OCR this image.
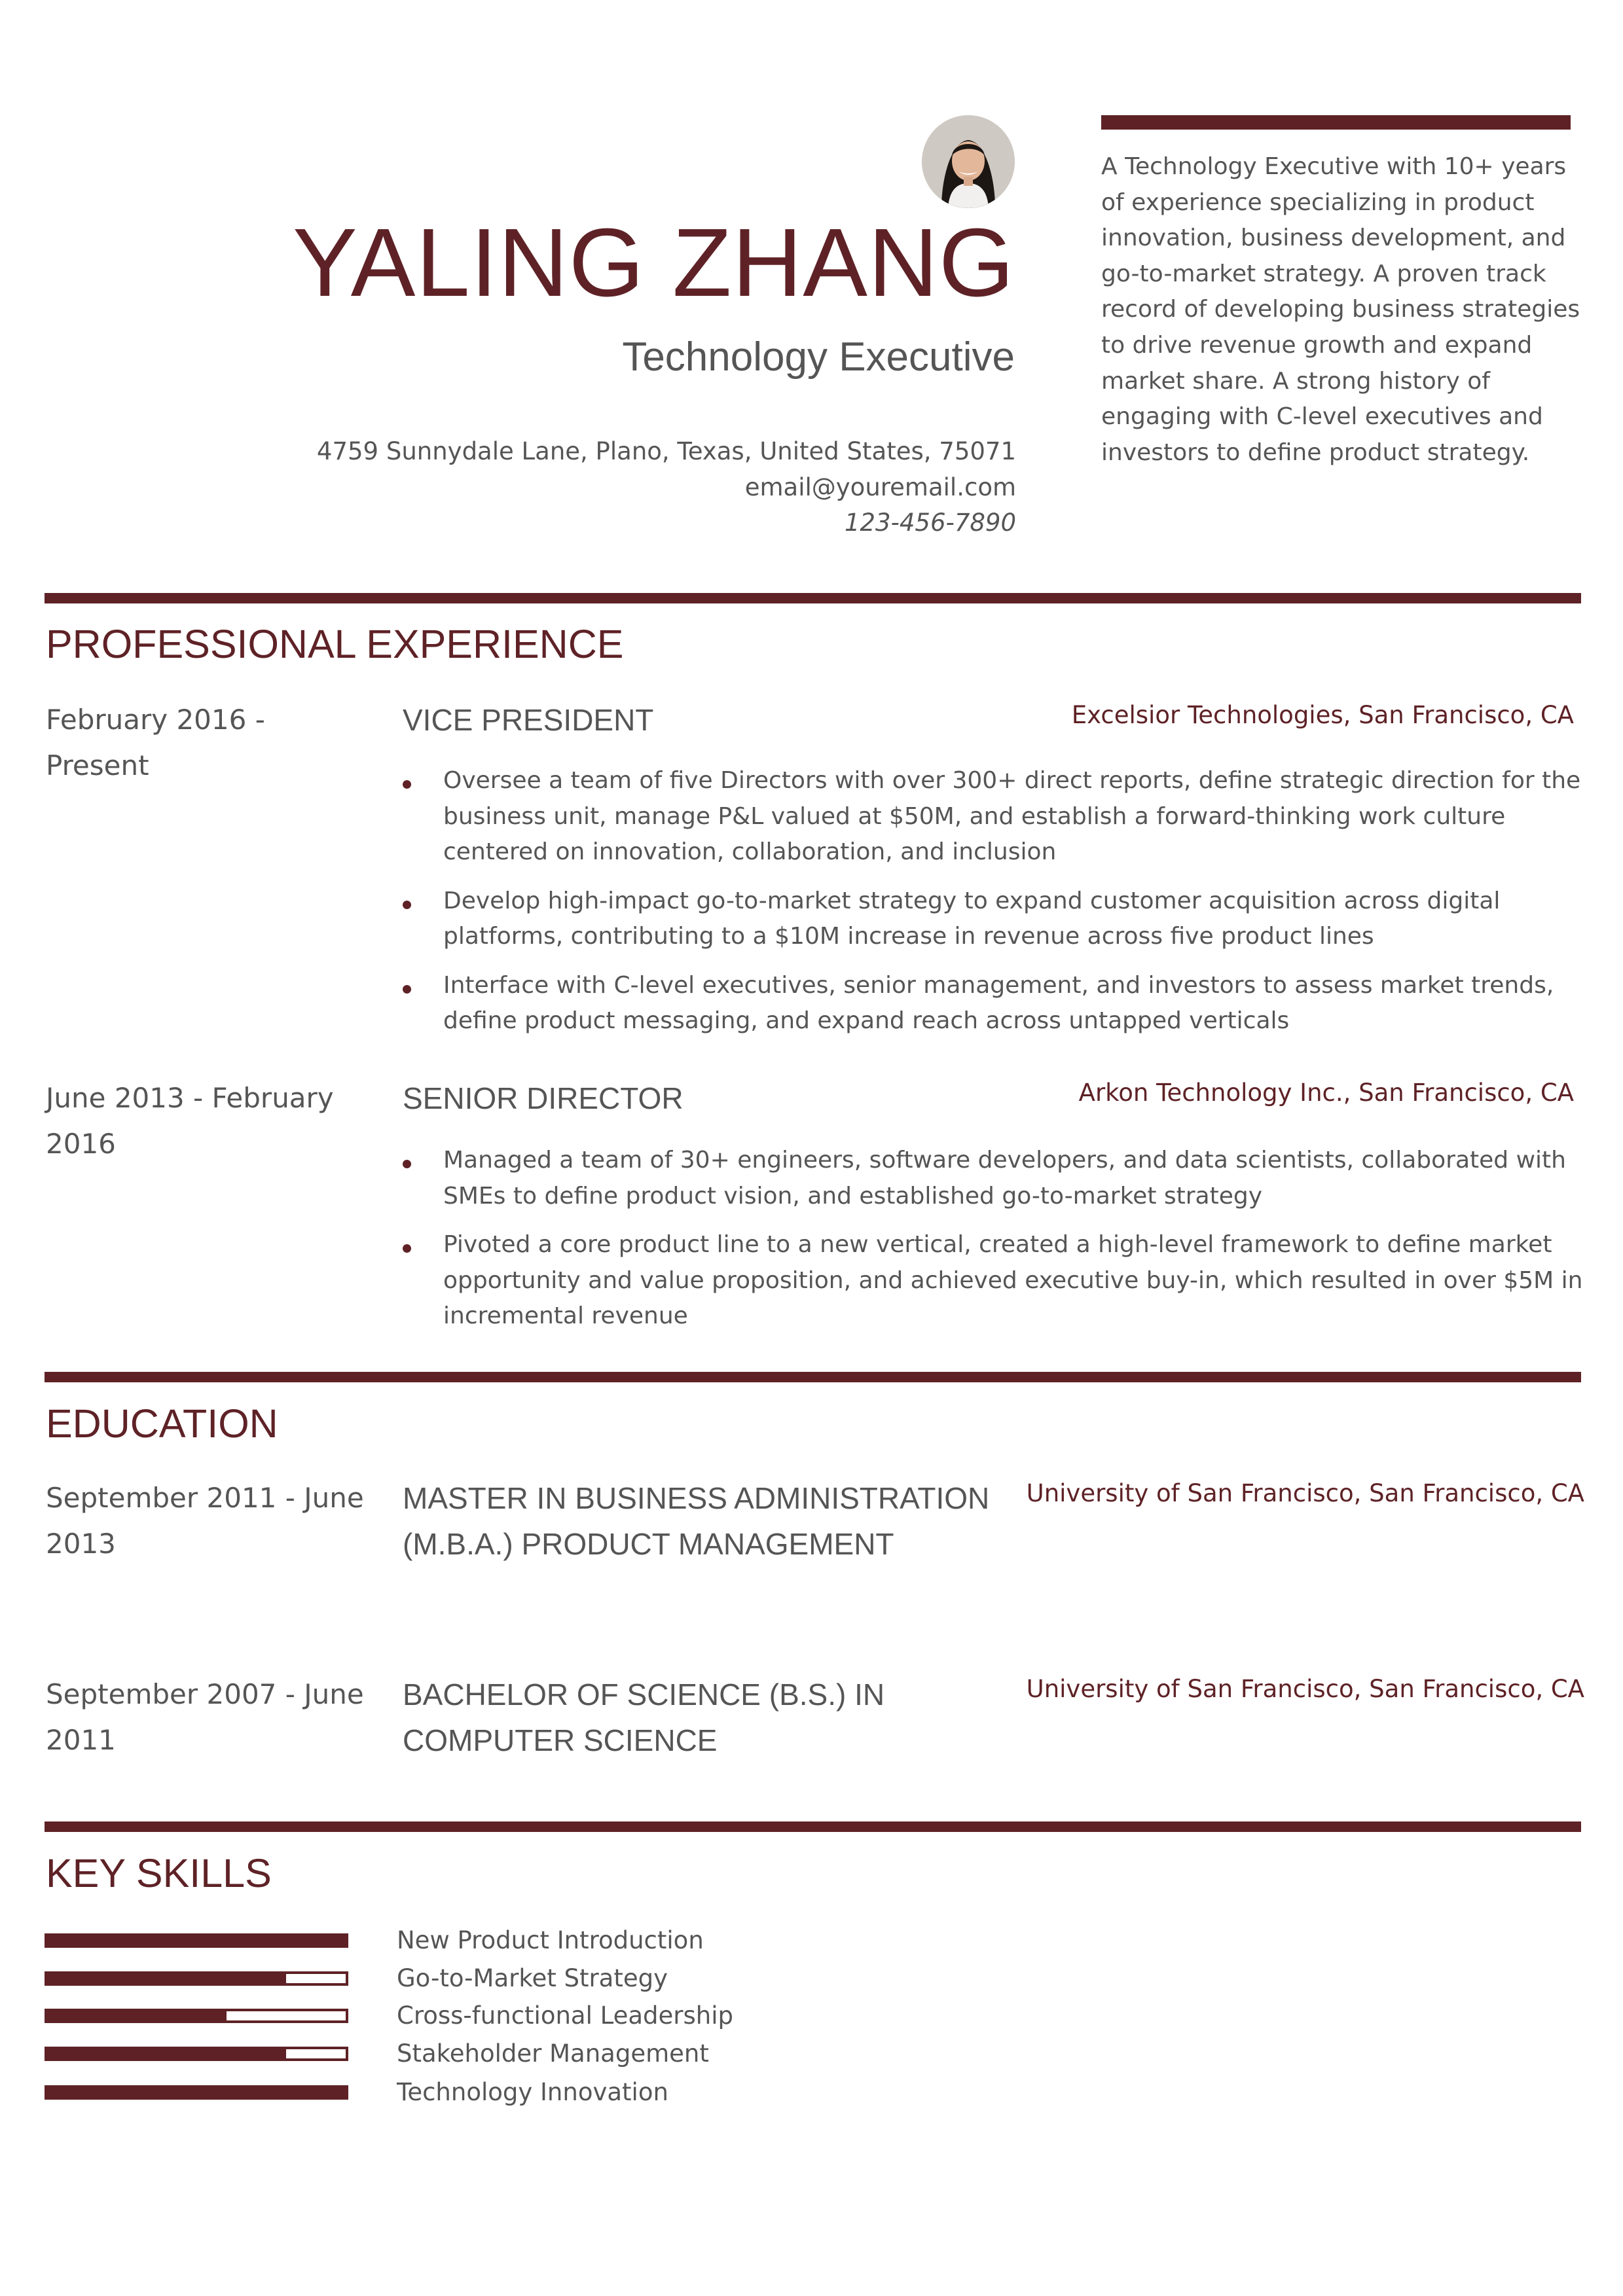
YALING ZHANG
Technology Executive
4759 Sunnydale Lane, Plano, Texas, United States, 75071
email@youremail.com
123-456-7890
A Technology Executive with 10+ years of experience specializing in product innovation, business development, and go-to-market strategy. A proven track record of developing business strategies to drive revenue growth and expand market share. A strong history of engaging with C-level executives and investors to define product strategy.
PROFESSIONAL EXPERIENCE
February 2016 - Present
VICE PRESIDENT	Excelsior Technologies, San Francisco, CA
Oversee a team of five Directors with over 300+ direct reports, define strategic direction for the business unit, manage P&L valued at $50M, and establish a forward-thinking work culture centered on innovation, collaboration, and inclusion
Develop high-impact go-to-market strategy to expand customer acquisition across digital platforms, contributing to a $10M increase in revenue across five product lines
Interface with C-level executives, senior management, and investors to assess market trends, define product messaging, and expand reach across untapped verticals
June 2013 - February 2016
SENIOR DIRECTOR	Arkon Technology Inc., San Francisco, CA
Managed a team of 30+ engineers, software developers, and data scientists, collaborated with SMEs to define product vision, and established go-to-market strategy
Pivoted a core product line to a new vertical, created a high-level framework to define market opportunity and value proposition, and achieved executive buy-in, which resulted in over $5M in incremental revenue
EDUCATION
September 2011 - June 2013
MASTER IN BUSINESS ADMINISTRATION (M.B.A.) PRODUCT MANAGEMENT
University of San Francisco, San Francisco, CA
September 2007 - June 2011
BACHELOR OF SCIENCE (B.S.) IN COMPUTER SCIENCE
University of San Francisco, San Francisco, CA
KEY SKILLS
New Product Introduction
Go-to-Market Strategy
Cross-functional Leadership
Stakeholder Management
Technology Innovation
